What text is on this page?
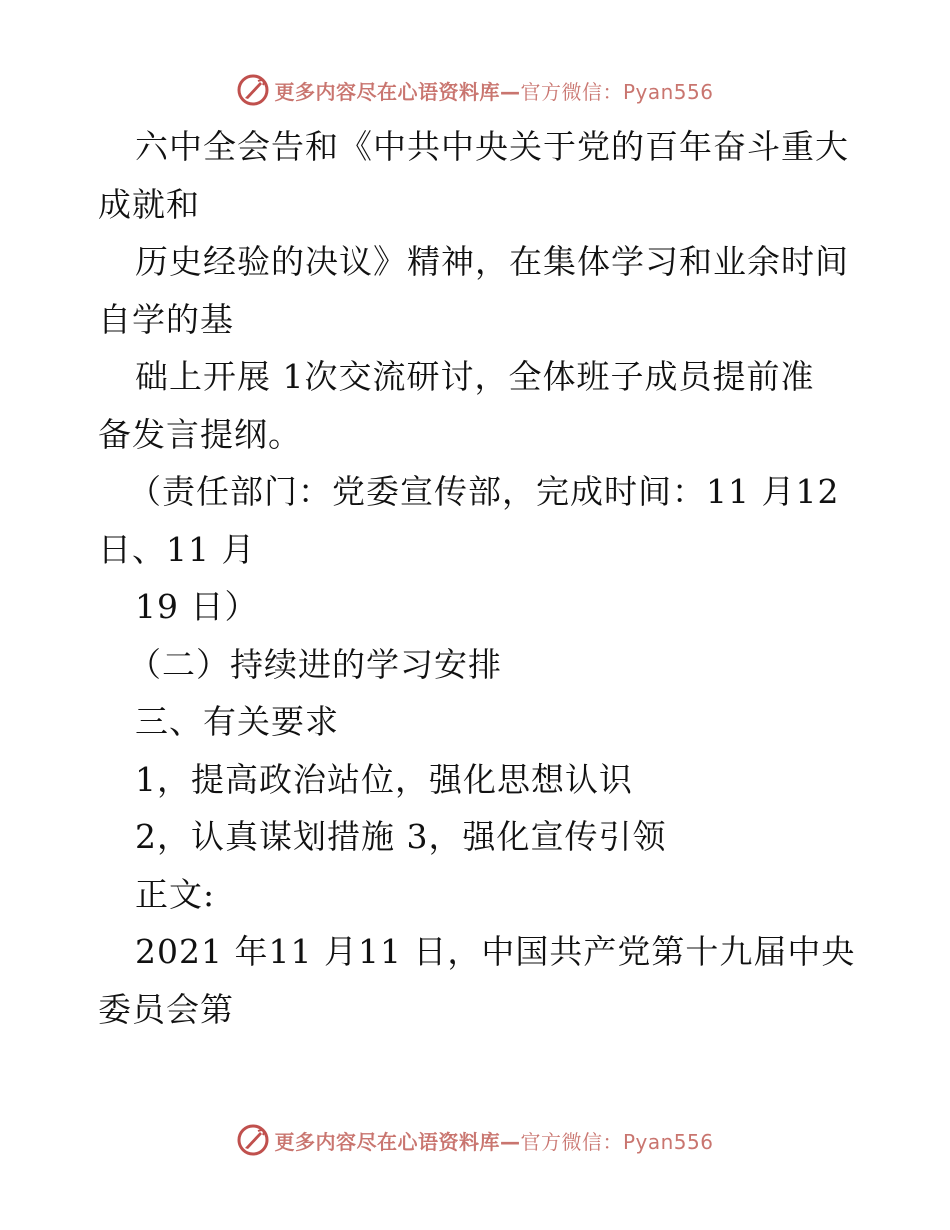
更多内容尽在心语资料库—官方微信：Pyan556
六中全会告和《中共中央关于党的百年奋斗重大
成就和
历史经验的决议》精神，在集体学习和业余时间
自学的基
础上开展 1次交流研讨，全体班子成员提前准
备发言提纲。
（责任部门：党委宣传部，完成时间：11 月12
日、11 月
19 日）
（二）持续进的学习安排
三、有关要求
1，提高政治站位，强化思想认识
2，认真谋划措施 3，强化宣传引领
正文:
2021 年11 月11 日，中国共产党第十九届中央
委员会第
更多内容尽在心语资料库—官方微信：Pyan556
